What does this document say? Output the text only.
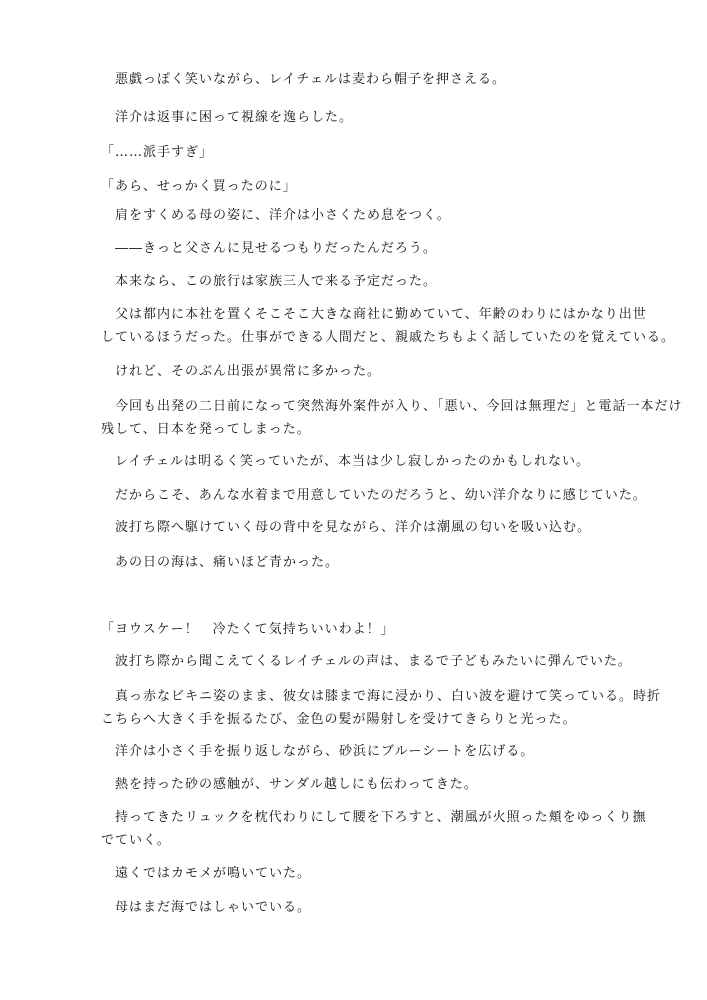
　悪戯っぽく笑いながら、レイチェルは麦わら帽子を押さえる。

　洋介は返事に困って視線を逸らした。

「……派手すぎ」

「あら、せっかく買ったのに」

　肩をすくめる母の姿に、洋介は小さくため息をつく。

　――きっと父さんに見せるつもりだったんだろう。

　本来なら、この旅行は家族三人で来る予定だった。

　父は都内に本社を置くそこそこ大きな商社に勤めていて、年齢のわりにはかなり出世
しているほうだった。仕事ができる人間だと、親戚たちもよく話していたのを覚えている。

　けれど、そのぶん出張が異常に多かった。

　今回も出発の二日前になって突然海外案件が入り、「悪い、今回は無理だ」と電話一本だけ
残して、日本を発ってしまった。

　レイチェルは明るく笑っていたが、本当は少し寂しかったのかもしれない。

　だからこそ、あんな水着まで用意していたのだろうと、幼い洋介なりに感じていた。

　波打ち際へ駆けていく母の背中を見ながら、洋介は潮風の匂いを吸い込む。

　あの日の海は、痛いほど青かった。

「ヨウスケー！　冷たくて気持ちいいわよ！」

　波打ち際から聞こえてくるレイチェルの声は、まるで子どもみたいに弾んでいた。

　真っ赤なビキニ姿のまま、彼女は膝まで海に浸かり、白い波を避けて笑っている。時折
こちらへ大きく手を振るたび、金色の髪が陽射しを受けてきらりと光った。

　洋介は小さく手を振り返しながら、砂浜にブルーシートを広げる。

　熱を持った砂の感触が、サンダル越しにも伝わってきた。

　持ってきたリュックを枕代わりにして腰を下ろすと、潮風が火照った頬をゆっくり撫
でていく。

　遠くではカモメが鳴いていた。

　母はまだ海ではしゃいでいる。
